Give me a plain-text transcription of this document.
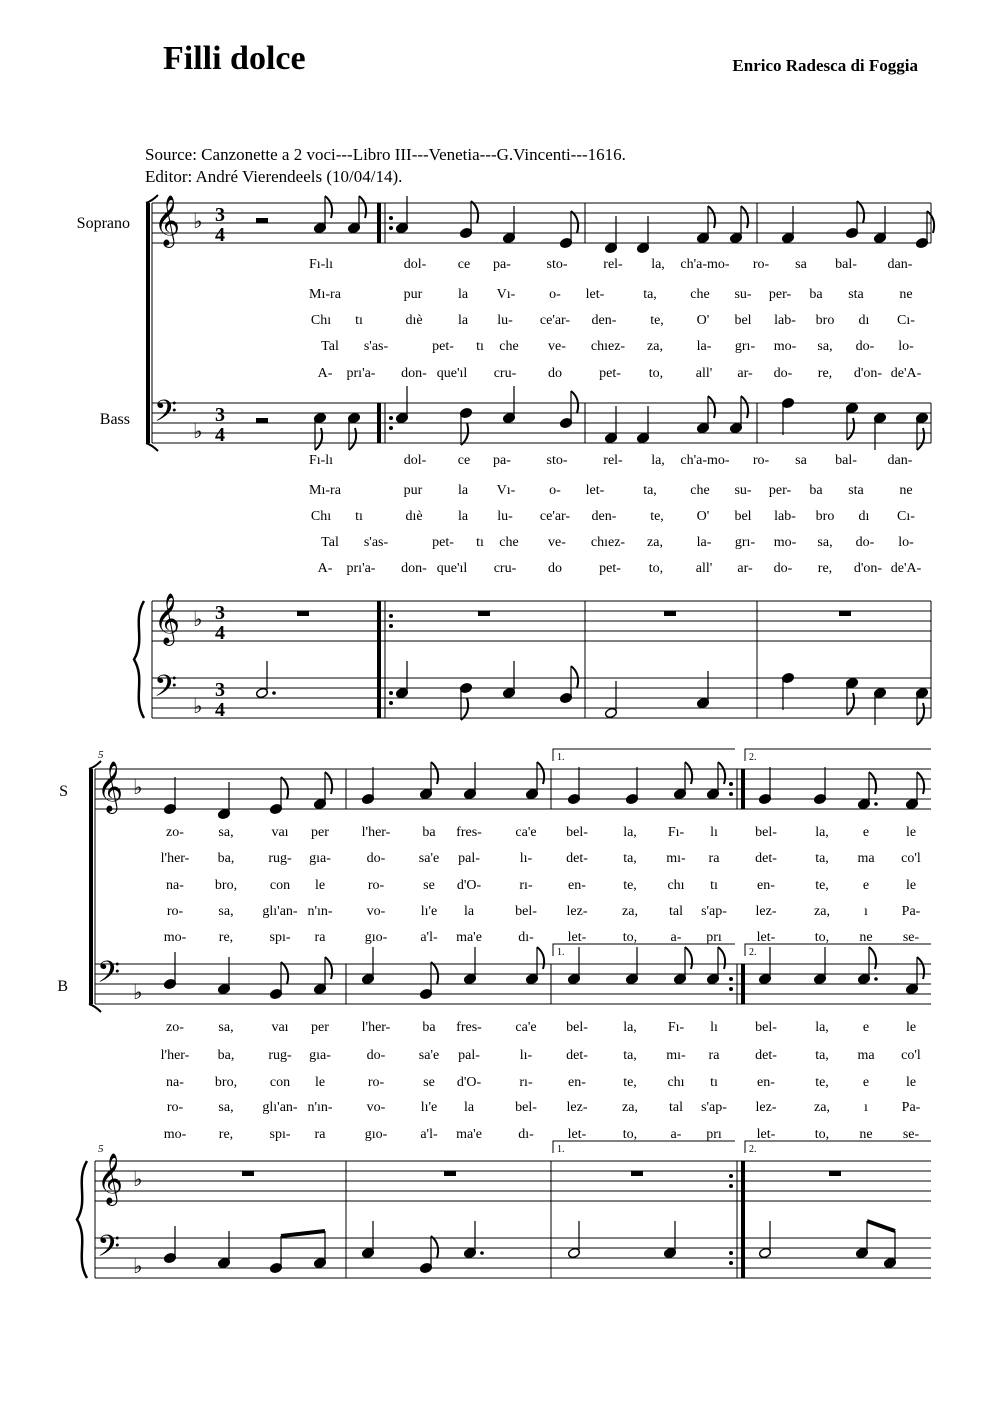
Filli dolce	Enrico Radesca di Foggia
Source: Canzonette a 2 voci---Libro III---Venetia---G.Vincenti---1616.
Editor: André Vierendeels (10/04/14).
Soprano
Bass
𝄞 ♭ 3
4
𝄢 ♭
3
4
𝄞 ♭ 3
4
𝄢 ♭
3
4
Fı-lı	dol- ce pa-	sto-	rel- la, ch'a-mo- ro- sa bal- dan-
Mı-ra	pur	la Vı- o- let-	ta, che su- per- ba sta	ne
Chı tı	dıè	la lu- ce'ar- den- te, O' bel lab- bro dı Cı-
Tal s'as-	pet- tı che ve- chıez- za, la- grı- mo- sa, do- lo-
A- prı'a- don- que'ıl cru- do	pet- to, all' ar- do- re, d'on- de'A-
Fı-lı	dol- ce pa-	sto-	rel- la, ch'a-mo- ro- sa bal- dan-
Mı-ra	pur	la Vı- o- let-	ta, che su- per- ba sta	ne
Chı tı	dıè	la lu- ce'ar- den- te, O' bel lab- bro dı Cı-
Tal s'as-	pet- tı che ve- chıez- za, la- grı- mo- sa, do- lo-
A- prı'a- don- que'ıl cru- do	pet- to, all' ar- do- re, d'on- de'A-
S
B
5
5
𝄞 ♭
𝄢 ♭
𝄞 ♭
𝄢 ♭
1.	2.
1.	2.
1.	2.
zo- sa,	vaı per l'her- ba fres- ca'e bel-	la, Fı- lı	bel-	la, e	le
l'her- ba, rug- gıa-	do- sa'e pal-	lı- det-	ta, mı- ra	det-	ta, ma co'l
na- bro, con le	ro-	se d'O-	rı-	en-	te, chı tı	en-	te, e	le
ro-	sa, glı'an- n'ın- vo-	lı'e la	bel- lez- za, tal s'ap- lez-	za, ı Pa-
mo- re,	spı- ra	gıo- a'l- ma'e	dı- let-	to, a- prı let-	to, ne se-
zo- sa,	vaı per l'her- ba fres- ca'e bel-	la, Fı- lı	bel-	la, e	le
l'her- ba, rug- gıa-	do- sa'e pal-	lı- det-	ta, mı- ra	det-	ta, ma co'l
na- bro, con le	ro-	se d'O-	rı-	en-	te, chı tı	en-	te, e	le
ro-	sa, glı'an- n'ın- vo-	lı'e la	bel- lez- za, tal s'ap- lez-	za, ı Pa-
mo- re,	spı- ra	gıo- a'l- ma'e	dı- let-	to, a- prı let-	to, ne se-
